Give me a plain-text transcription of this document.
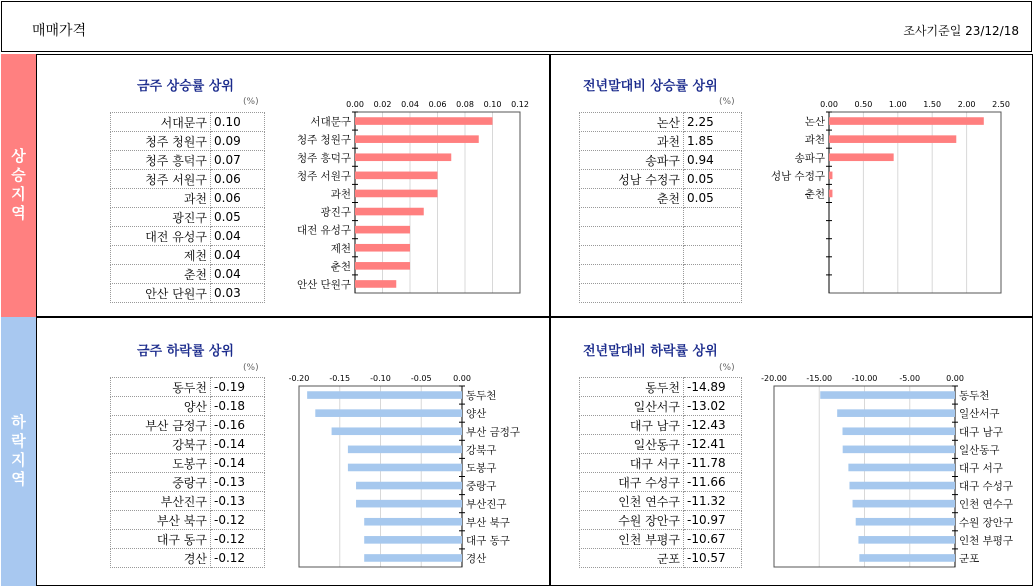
매매가격	조사기준일 23/12/18
상승지역
하락지역
금주 상승률 상위
(%)
서대문구	0.10
청주 청원구	0.09
청주 흥덕구	0.07
청주 서원구	0.06
과천	0.06
광진구	0.05
대전 유성구	0.04
제천	0.04
춘천	0.04
안산 단원구	0.03
0.00 0.02 0.04 0.06 0.08 0.10 0.12
서대문구
청주 청원구
청주 흥덕구
청주 서원구
과천
광진구
대전 유성구
제천
춘천
안산 단원구
전년말대비 상승률 상위
(%)
논산	2.25
과천	1.85
송파구	0.94
성남 수정구	0.05
춘천	0.05

0.00 0.50 1.00 1.50 2.00 2.50
논산
과천
송파구
성남 수정구
춘천
금주 하락률 상위
(%)
동두천	-0.19
양산	-0.18
부산 금정구	-0.16
강북구	-0.14
도봉구	-0.14
중랑구	-0.13
부산진구	-0.13
부산 북구	-0.12
대구 동구	-0.12
경산	-0.12
-0.20	-0.15	-0.10	-0.05	0.00
동두천
양산
부산 금정구
강북구
도봉구
중랑구
부산진구
부산 북구
대구 동구
경산
전년말대비 하락률 상위
(%)
동두천	-14.89
일산서구	-13.02
대구 남구	-12.43
일산동구	-12.41
대구 서구	-11.78
대구 수성구	-11.66
인천 연수구	-11.32
수원 장안구	-10.97
인천 부평구	-10.67
군포	-10.57
-20.00 -15.00 -10.00	-5.00	0.00
동두천
일산서구
대구 남구
일산동구
대구 서구
대구 수성구
인천 연수구
수원 장안구
인천 부평구
군포
